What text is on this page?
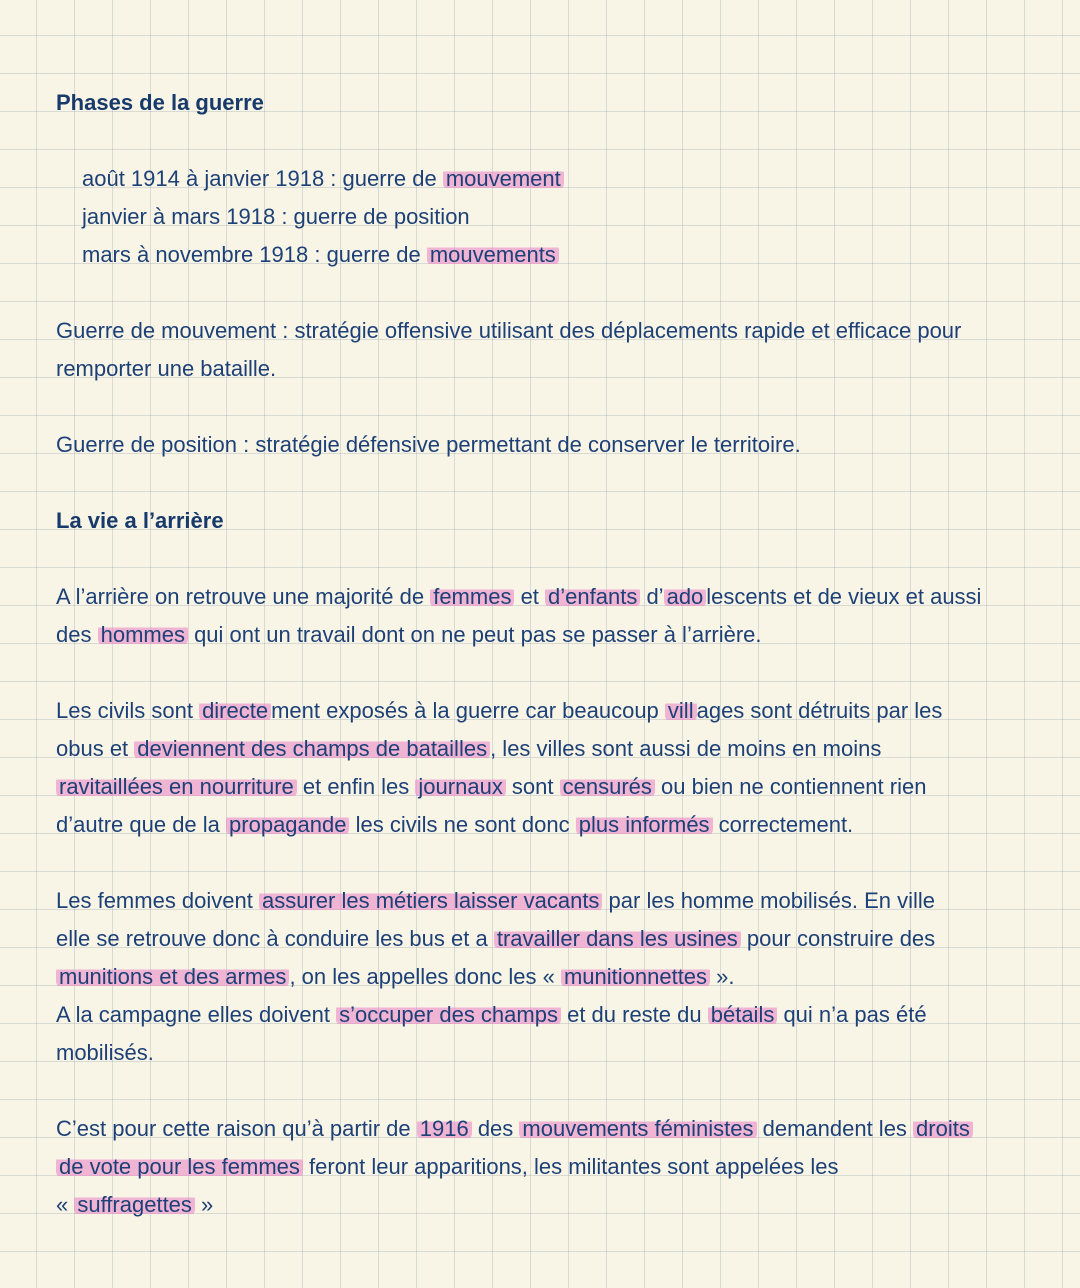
Phases de la guerre
août 1914 à janvier 1918 : guerre de mouvement
janvier à mars 1918 : guerre de position
mars à novembre 1918 : guerre de mouvements
Guerre de mouvement : stratégie offensive utilisant des déplacements rapide et efficace pour
remporter une bataille.
Guerre de position : stratégie défensive permettant de conserver le territoire.
La vie a l’arrière
A l’arrière on retrouve une majorité de femmes et d’enfants d’ ado lescents et de vieux et aussi
des hommes qui ont un travail dont on ne peut pas se passer à l’arrière.
Les civils sont directe ment exposés à la guerre car beaucoup vill ages sont détruits par les
obus et deviennent des champs de batailles , les villes sont aussi de moins en moins
ravitaillées en nourriture et enfin les journaux sont censurés ou bien ne contiennent rien
d’autre que de la propagande les civils ne sont donc plus informés correctement.
Les femmes doivent assurer les métiers laisser vacants par les homme mobilisés. En ville
elle se retrouve donc à conduire les bus et a travailler dans les usines pour construire des
munitions et des armes , on les appelles donc les « munitionnettes ».
A la campagne elles doivent s’occuper des champs et du reste du bétails qui n’a pas été
mobilisés.
C’est pour cette raison qu’à partir de 1916 des mouvements féministes demandent les droits
de vote pour les femmes feront leur apparitions, les militantes sont appelées les
« suffragettes »
